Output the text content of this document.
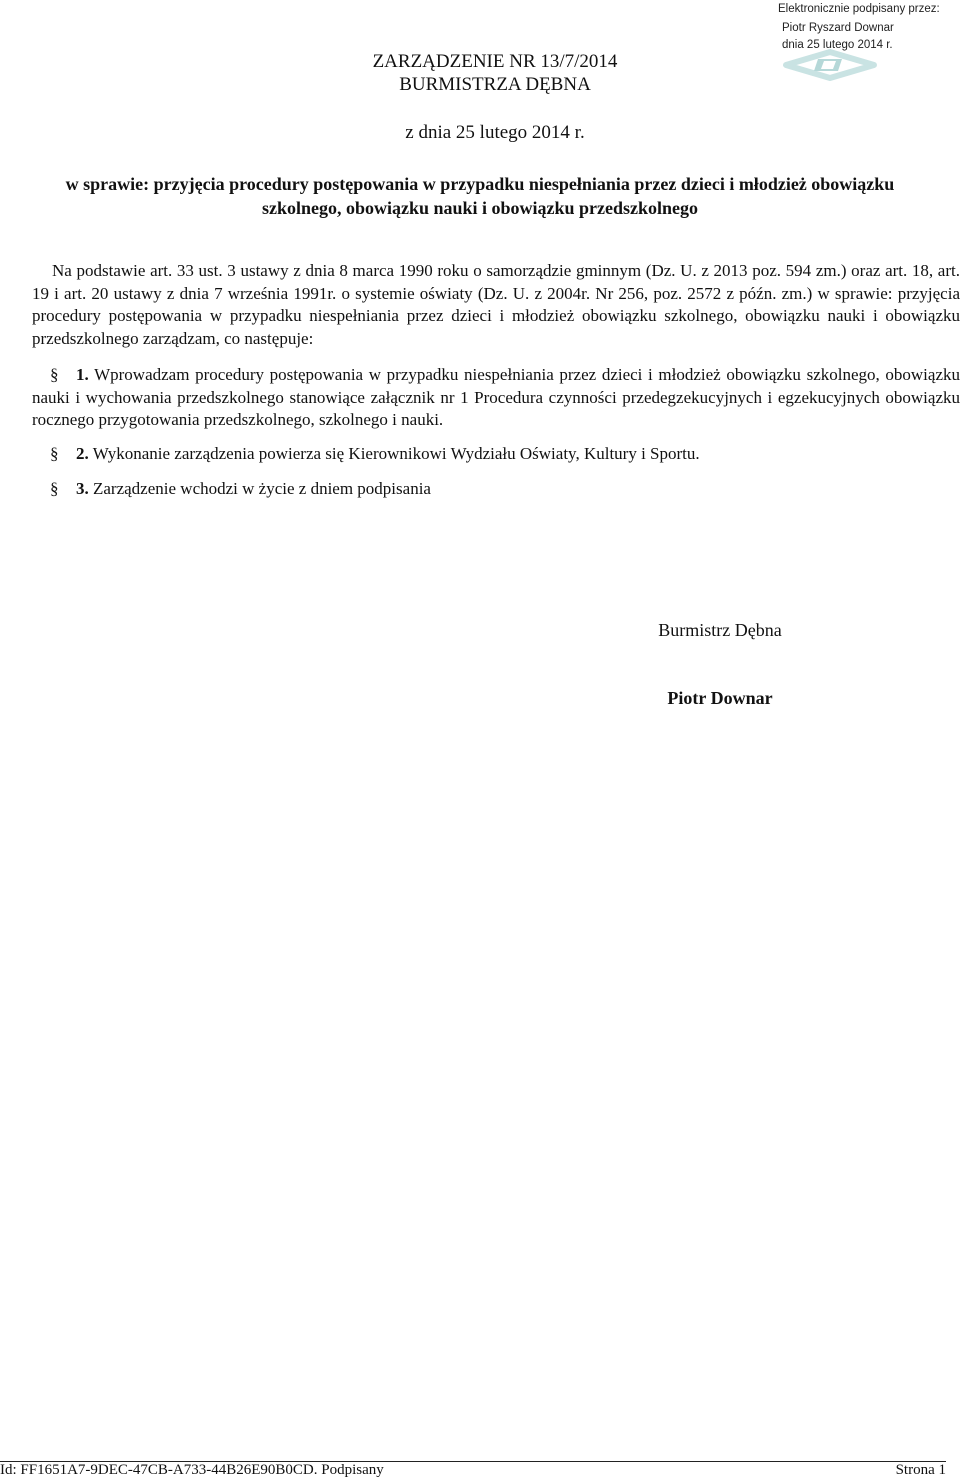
Elektronicznie podpisany przez:
Piotr Ryszard Downar
dnia 25 lutego 2014 r.
ZARZĄDZENIE NR 13/7/2014
BURMISTRZA DĘBNA
z dnia 25 lutego 2014 r.
w sprawie: przyjęcia procedury postępowania w przypadku niespełniania przez dzieci i młodzież obowiązku szkolnego, obowiązku nauki i obowiązku przedszkolnego
Na podstawie art. 33 ust. 3 ustawy z dnia 8 marca 1990 roku o samorządzie gminnym (Dz. U. z 2013 poz. 594 zm.) oraz art. 18, art. 19 i art. 20 ustawy z dnia 7 września 1991r. o systemie oświaty (Dz. U. z 2004r. Nr 256, poz. 2572 z późn. zm.) w sprawie: przyjęcia procedury postępowania w przypadku niespełniania przez dzieci i młodzież obowiązku szkolnego, obowiązku nauki i obowiązku przedszkolnego zarządzam, co następuje:
§ 1. Wprowadzam procedury postępowania w przypadku niespełniania przez dzieci i młodzież obowiązku szkolnego, obowiązku nauki i wychowania przedszkolnego stanowiące załącznik nr 1 Procedura czynności przedegzekucyjnych i egzekucyjnych obowiązku rocznego przygotowania przedszkolnego, szkolnego i nauki.
§ 2. Wykonanie zarządzenia powierza się Kierownikowi Wydziału Oświaty, Kultury i Sportu.
§ 3. Zarządzenie wchodzi w życie z dniem podpisania
Burmistrz Dębna
Piotr Downar
Id: FF1651A7-9DEC-47CB-A733-44B26E90B0CD. Podpisany	Strona 1
